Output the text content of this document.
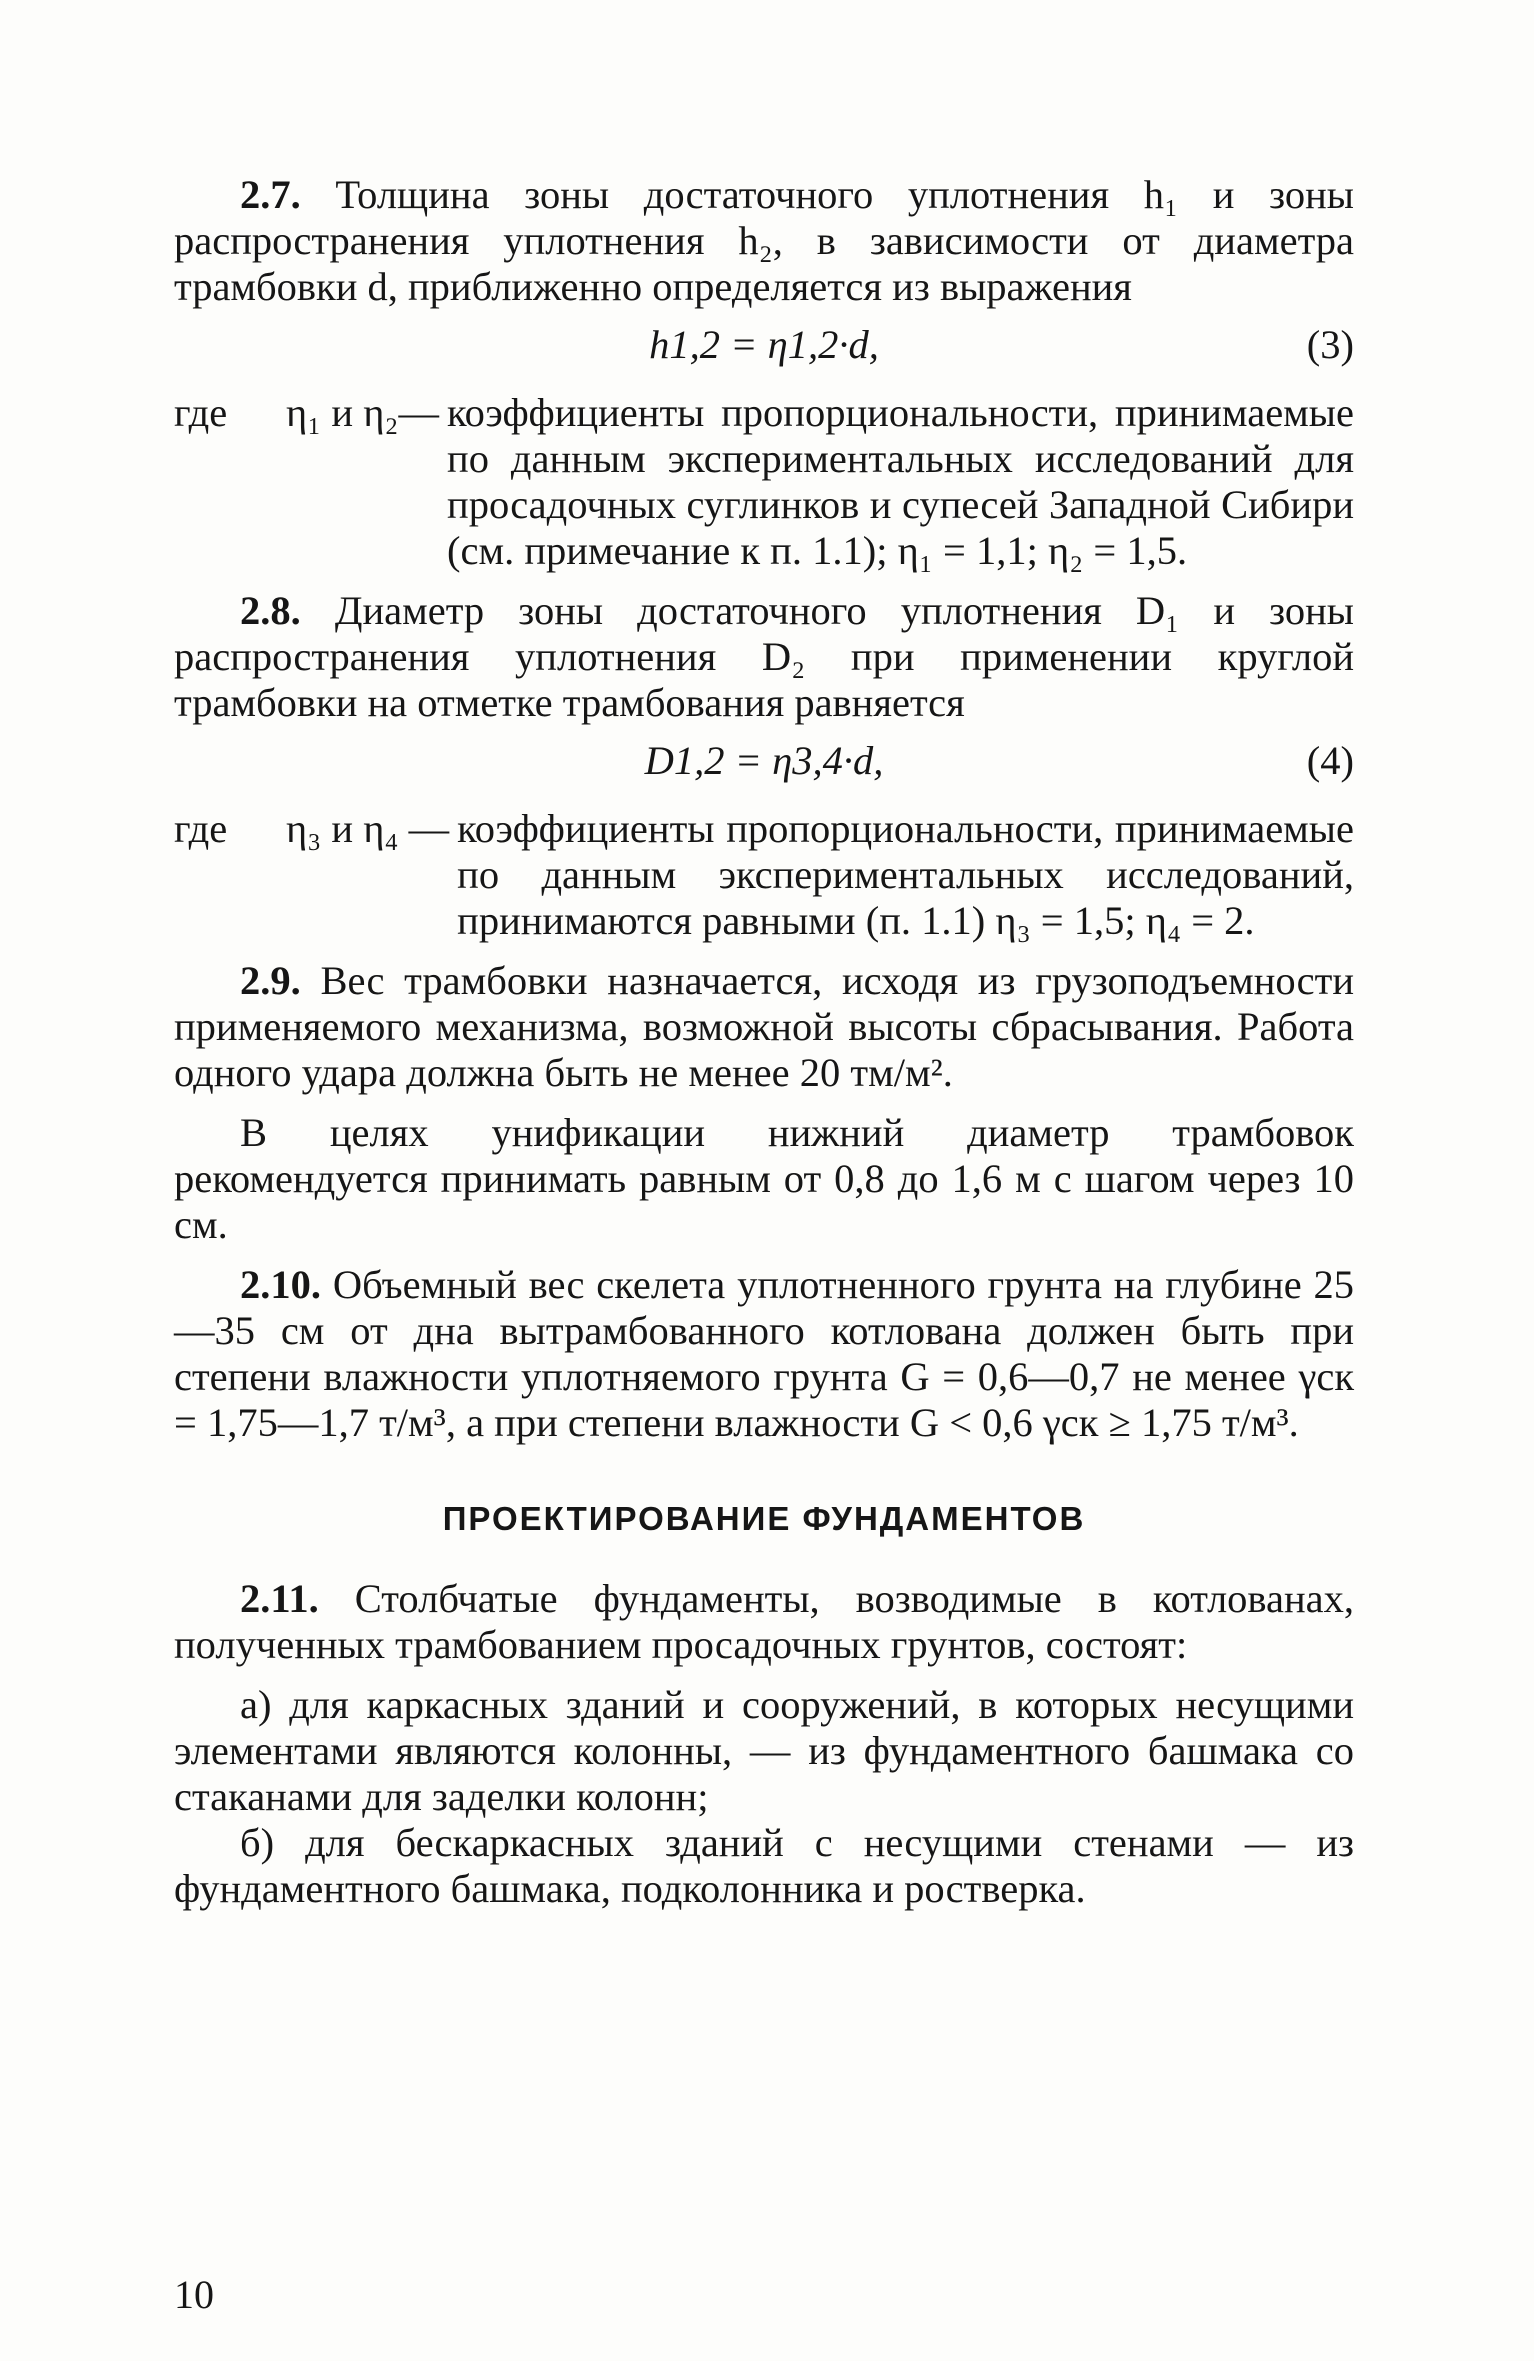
2.7. Толщина зоны достаточного уплотнения h₁ и зоны распространения уплотнения h₂, в зависимости от диаметра трамбовки d, приближенно определяется из выражения

h1,2 = η1,2·d,	(3)
где	η₁ и η₂— коэффициенты пропорциональности, принимаемые по данным экспериментальных исследований для просадочных суглинков и супесей Западной Сибири (см. примечание к п. 1.1); η₁ = 1,1; η₂ = 1,5.

2.8. Диаметр зоны достаточного уплотнения D₁ и зоны распространения уплотнения D₂ при применении круглой трамбовки на отметке трамбования равняется

D1,2 = η3,4·d,	(4)
где	η₃ и η₄ — коэффициенты пропорциональности, принимаемые по данным экспериментальных исследований, принимаются равными (п. 1.1) η₃ = 1,5; η₄ = 2.

2.9. Вес трамбовки назначается, исходя из грузоподъемности применяемого механизма, возможной высоты сбрасывания. Работа одного удара должна быть не менее 20 тм/м².

В целях унификации нижний диаметр трамбовок рекомендуется принимать равным от 0,8 до 1,6 м с шагом через 10 см.

2.10. Объемный вес скелета уплотненного грунта на глубине 25—35 см от дна вытрамбованного котлована должен быть при степени влажности уплотняемого грунта G = 0,6—0,7 не менее γск = 1,75—1,7 т/м³, а при степени влажности G < 0,6 γск ≥ 1,75 т/м³.

ПРОЕКТИРОВАНИЕ ФУНДАМЕНТОВ

2.11. Столбчатые фундаменты, возводимые в котлованах, полученных трамбованием просадочных грунтов, состоят:

а) для каркасных зданий и сооружений, в которых несущими элементами являются колонны, — из фундаментного башмака со стаканами для заделки колонн;

б) для бескаркасных зданий с несущими стенами — из фундаментного башмака, подколонника и ростверка.

10
